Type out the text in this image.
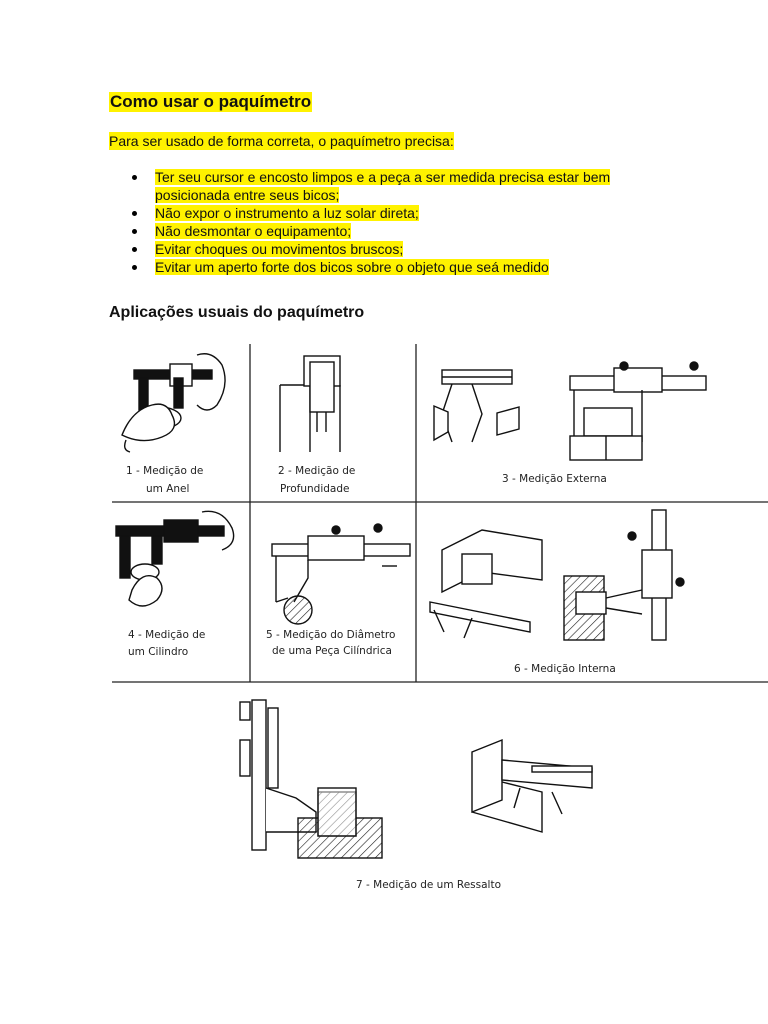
Como usar o paquímetro
Para ser usado de forma correta, o paquímetro precisa:
Ter seu cursor e encosto limpos e a peça a ser medida precisa estar bem posicionada entre seus bicos;
Não expor o instrumento a luz solar direta;
Não desmontar o equipamento;
Evitar choques ou movimentos bruscos;
Evitar um aperto forte dos bicos sobre o objeto que seá medido
Aplicações usuais do paquímetro
1 - Medição de
um Anel
2 - Medição de
Profundidade
3 - Medição Externa
4 - Medição de
um Cilindro
5 - Medição do Diâmetro
de uma Peça Cilíndrica
6 - Medição Interna
7 - Medição de um Ressalto
